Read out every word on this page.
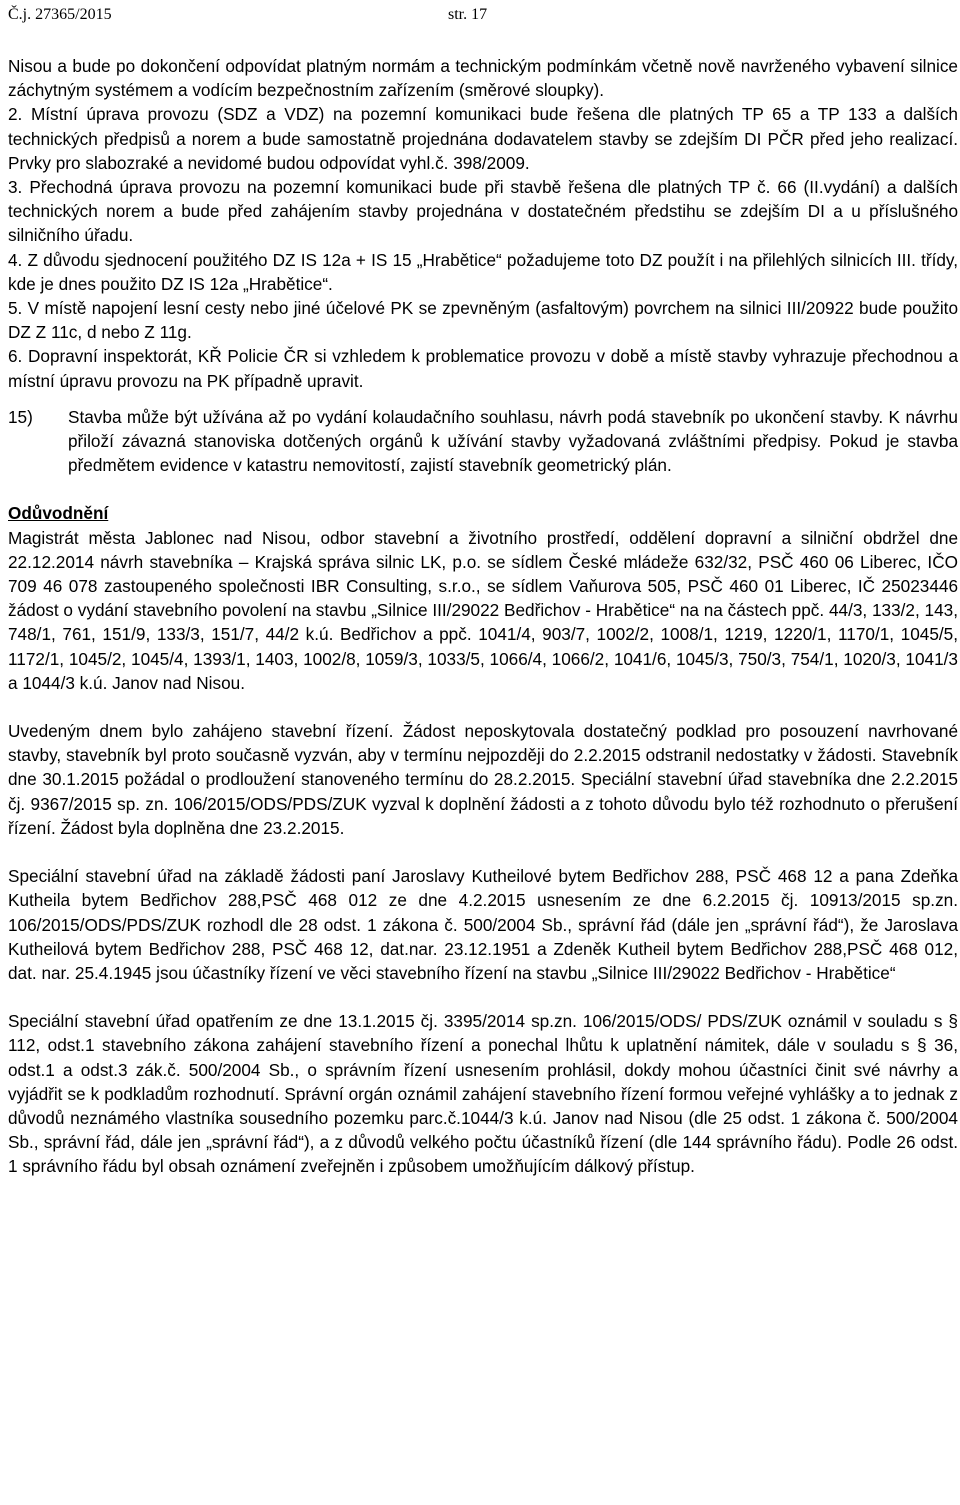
Č.j. 27365/2015	str. 17

Nisou a bude po dokončení odpovídat platným normám a technickým podmínkám včetně nově navrženého vybavení silnice záchytným systémem a vodícím bezpečnostním zařízením (směrové sloupky).

2. Místní úprava provozu (SDZ a VDZ) na pozemní komunikaci bude řešena dle platných TP 65 a TP 133 a dalších technických předpisů a norem a bude samostatně projednána dodavatelem stavby se zdejším DI PČR před jeho realizací. Prvky pro slabozraké a nevidomé budou odpovídat vyhl.č. 398/2009.

3. Přechodná úprava provozu na pozemní komunikaci bude při stavbě řešena dle platných TP č. 66 (II.vydání) a dalších technických norem a bude před zahájením stavby projednána v dostatečném předstihu se zdejším DI a u příslušného silničního úřadu.

4. Z důvodu sjednocení použitého DZ IS 12a + IS 15 „Hrabětice“ požadujeme toto DZ použít i na přilehlých silnicích III. třídy, kde je dnes použito DZ IS 12a „Hrabětice“.

5. V místě napojení lesní cesty nebo jiné účelové PK se zpevněným (asfaltovým) povrchem na silnici III/20922 bude použito DZ Z 11c, d nebo Z 11g.

6. Dopravní inspektorát, KŘ Policie ČR si vzhledem k problematice provozu v době a místě stavby vyhrazuje přechodnou a místní úpravu provozu na PK případně upravit.

15)	Stavba může být užívána až po vydání kolaudačního souhlasu, návrh podá stavebník po ukončení stavby. K návrhu přiloží závazná stanoviska dotčených orgánů k užívání stavby vyžadovaná zvláštními předpisy. Pokud je stavba předmětem evidence v katastru nemovitostí, zajistí stavebník geometrický plán.

Odůvodnění

Magistrát města Jablonec nad Nisou, odbor stavební a životního prostředí, oddělení dopravní a silniční obdržel dne 22.12.2014 návrh stavebníka – Krajská správa silnic LK, p.o. se sídlem České mládeže 632/32, PSČ 460 06 Liberec, IČO 709 46 078 zastoupeného společnosti IBR Consulting, s.r.o., se sídlem Vaňurova 505, PSČ 460 01 Liberec, IČ 25023446 žádost o vydání stavebního povolení na stavbu „Silnice III/29022 Bedřichov - Hrabětice“ na na částech ppč. 44/3, 133/2, 143, 748/1, 761, 151/9, 133/3, 151/7, 44/2 k.ú. Bedřichov a ppč. 1041/4, 903/7, 1002/2, 1008/1, 1219, 1220/1, 1170/1, 1045/5, 1172/1, 1045/2, 1045/4, 1393/1, 1403, 1002/8, 1059/3, 1033/5, 1066/4, 1066/2, 1041/6, 1045/3, 750/3, 754/1, 1020/3, 1041/3 a 1044/3 k.ú. Janov nad Nisou.

Uvedeným dnem bylo zahájeno stavební řízení. Žádost neposkytovala dostatečný podklad pro posouzení navrhované stavby, stavebník byl proto současně vyzván, aby v termínu nejpozději do 2.2.2015 odstranil nedostatky v žádosti. Stavebník dne 30.1.2015 požádal o prodloužení stanoveného termínu do 28.2.2015. Speciální stavební úřad stavebníka dne 2.2.2015 čj. 9367/2015 sp. zn. 106/2015/ODS/PDS/ZUK vyzval k doplnění žádosti a z tohoto důvodu bylo též rozhodnuto o přerušení řízení. Žádost byla doplněna dne 23.2.2015.

Speciální stavební úřad na základě žádosti paní Jaroslavy Kutheilové bytem Bedřichov 288, PSČ 468 12 a pana Zdeňka Kutheila bytem Bedřichov 288,PSČ 468 012 ze dne 4.2.2015 usnesením ze dne 6.2.2015 čj. 10913/2015 sp.zn. 106/2015/ODS/PDS/ZUK rozhodl dle 28 odst. 1 zákona č. 500/2004 Sb., správní řád (dále jen „správní řád“), že Jaroslava Kutheilová bytem Bedřichov 288, PSČ 468 12, dat.nar. 23.12.1951 a Zdeněk Kutheil bytem Bedřichov 288,PSČ 468 012, dat. nar. 25.4.1945 jsou účastníky řízení ve věci stavebního řízení na stavbu „Silnice III/29022 Bedřichov - Hrabětice“

Speciální stavební úřad opatřením ze dne 13.1.2015 čj. 3395/2014 sp.zn. 106/2015/ODS/ PDS/ZUK oznámil v souladu s § 112, odst.1 stavebního zákona zahájení stavebního řízení a ponechal lhůtu k uplatnění námitek, dále v souladu s § 36, odst.1 a odst.3 zák.č. 500/2004 Sb., o správním řízení usnesením prohlásil, dokdy mohou účastníci činit své návrhy a vyjádřit se k podkladům rozhodnutí. Správní orgán oznámil zahájení stavebního řízení formou veřejné vyhlášky a to jednak z důvodů neznámého vlastníka sousedního pozemku parc.č.1044/3 k.ú. Janov nad Nisou (dle 25 odst. 1 zákona č. 500/2004 Sb., správní řád, dále jen „správní řád“), a z důvodů velkého počtu účastníků řízení (dle 144 správního řádu). Podle 26 odst. 1 správního řádu byl obsah oznámení zveřejněn i způsobem umožňujícím dálkový přístup.
